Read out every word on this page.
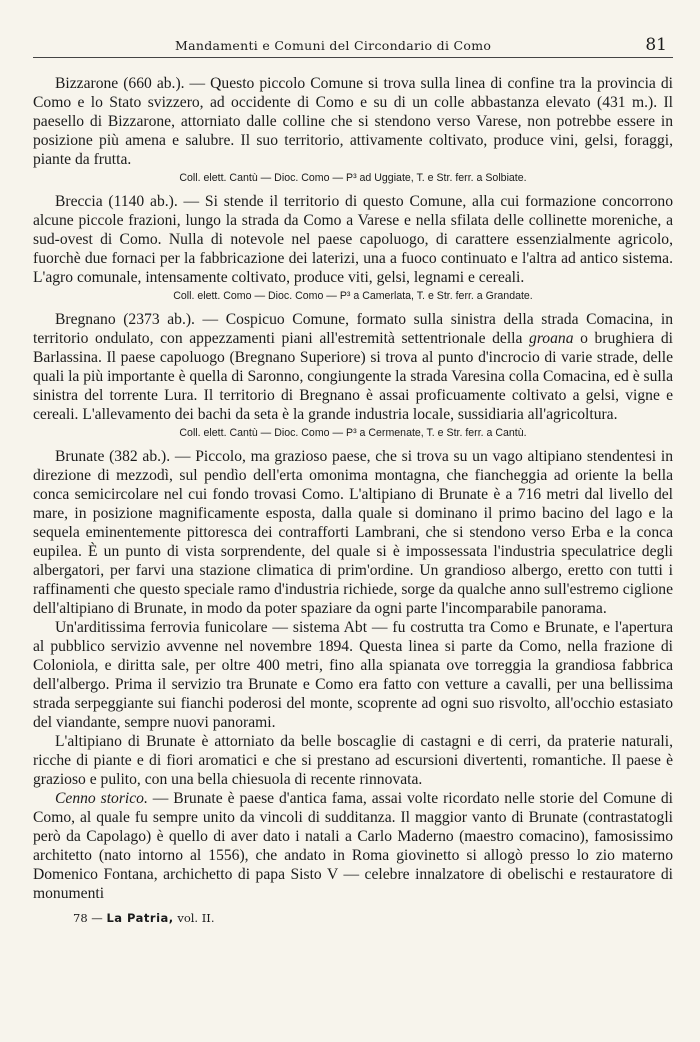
Mandamenti e Comuni del Circondario di Como	81

Bizzarone (660 ab.). — Questo piccolo Comune si trova sulla linea di confine tra la provincia di Como e lo Stato svizzero, ad occidente di Como e su di un colle abbastanza elevato (431 m.). Il paesello di Bizzarone, attorniato dalle colline che si stendono verso Varese, non potrebbe essere in posizione più amena e salubre. Il suo territorio, attivamente coltivato, produce vini, gelsi, foraggi, piante da frutta.

Coll. elett. Cantù — Dioc. Como — P³ ad Uggiate, T. e Str. ferr. a Solbiate.

Breccia (1140 ab.). — Si stende il territorio di questo Comune, alla cui formazione concorrono alcune piccole frazioni, lungo la strada da Como a Varese e nella sfilata delle collinette moreniche, a sud-ovest di Como. Nulla di notevole nel paese capoluogo, di carattere essenzialmente agricolo, fuorchè due fornaci per la fabbricazione dei laterizi, una a fuoco continuato e l'altra ad antico sistema. L'agro comunale, intensamente coltivato, produce viti, gelsi, legnami e cereali.

Coll. elett. Como — Dioc. Como — P³ a Camerlata, T. e Str. ferr. a Grandate.

Bregnano (2373 ab.). — Cospicuo Comune, formato sulla sinistra della strada Comacina, in territorio ondulato, con appezzamenti piani all'estremità settentrionale della groana o brughiera di Barlassina. Il paese capoluogo (Bregnano Superiore) si trova al punto d'incrocio di varie strade, delle quali la più importante è quella di Saronno, congiungente la strada Varesina colla Comacina, ed è sulla sinistra del torrente Lura. Il territorio di Bregnano è assai proficuamente coltivato a gelsi, vigne e cereali. L'allevamento dei bachi da seta è la grande industria locale, sussidiaria all'agricoltura.

Coll. elett. Cantù — Dioc. Como — P³ a Cermenate, T. e Str. ferr. a Cantù.

Brunate (382 ab.). — Piccolo, ma grazioso paese, che si trova su un vago altipiano stendentesi in direzione di mezzodì, sul pendìo dell'erta omonima montagna, che fiancheggia ad oriente la bella conca semicircolare nel cui fondo trovasi Como. L'altipiano di Brunate è a 716 metri dal livello del mare, in posizione magnificamente esposta, dalla quale si dominano il primo bacino del lago e la sequela eminentemente pittoresca dei contrafforti Lambrani, che si stendono verso Erba e la conca eupilea. È un punto di vista sorprendente, del quale si è impossessata l'industria speculatrice degli albergatori, per farvi una stazione climatica di prim'ordine. Un grandioso albergo, eretto con tutti i raffinamenti che questo speciale ramo d'industria richiede, sorge da qualche anno sull'estremo ciglione dell'altipiano di Brunate, in modo da poter spaziare da ogni parte l'incomparabile panorama.

Un'arditissima ferrovia funicolare — sistema Abt — fu costrutta tra Como e Brunate, e l'apertura al pubblico servizio avvenne nel novembre 1894. Questa linea si parte da Como, nella frazione di Coloniola, e diritta sale, per oltre 400 metri, fino alla spianata ove torreggia la grandiosa fabbrica dell'albergo. Prima il servizio tra Brunate e Como era fatto con vetture a cavalli, per una bellissima strada serpeggiante sui fianchi poderosi del monte, scoprente ad ogni suo risvolto, all'occhio estasiato del viandante, sempre nuovi panorami.

L'altipiano di Brunate è attorniato da belle boscaglie di castagni e di cerri, da praterie naturali, ricche di piante e di fiori aromatici e che si prestano ad escursioni divertenti, romantiche. Il paese è grazioso e pulito, con una bella chiesuola di recente rinnovata.

Cenno storico. — Brunate è paese d'antica fama, assai volte ricordato nelle storie del Comune di Como, al quale fu sempre unito da vincoli di sudditanza. Il maggior vanto di Brunate (contrastatogli però da Capolago) è quello di aver dato i natali a Carlo Maderno (maestro comacino), famosissimo architetto (nato intorno al 1556), che andato in Roma giovinetto si allogò presso lo zio materno Domenico Fontana, archichetto di papa Sisto V — celebre innalzatore di obelischi e restauratore di monumenti

78 — La Patria, vol. II.
